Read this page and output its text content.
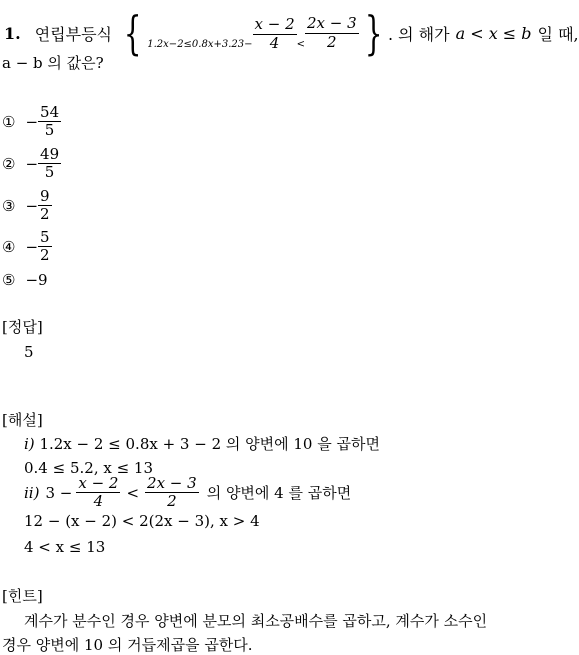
1. 연립부등식 { $1.2x-2\le 0.8x+3.23- \frac{x - 2}{4} < \frac{2x - 3}{2}$ } . 의 해가 a < x ≤ b 일 때,
a − b 의 값은?
① − $\frac{54}{5}$
② − $\frac{49}{5}$
③ − $\frac{9}{2}$
④ − $\frac{5}{2}$
⑤ −9
[정답]
5
[해설]
i) 1.2x − 2 ≤ 0.8x + 3 − 2 의 양변에 10 을 곱하면
0.4 ≤ 5.2, x ≤ 13
ii) $3 - \frac{x - 2}{4} < \frac{2x - 3}{2}$ 의 양변에 4 를 곱하면
12 − (x − 2) < 2(2x − 3), x > 4
4 < x ≤ 13
[힌트]
계수가 분수인 경우 양변에 분모의 최소공배수를 곱하고, 계수가 소수인
경우 양변에 10 의 거듭제곱을 곱한다.
